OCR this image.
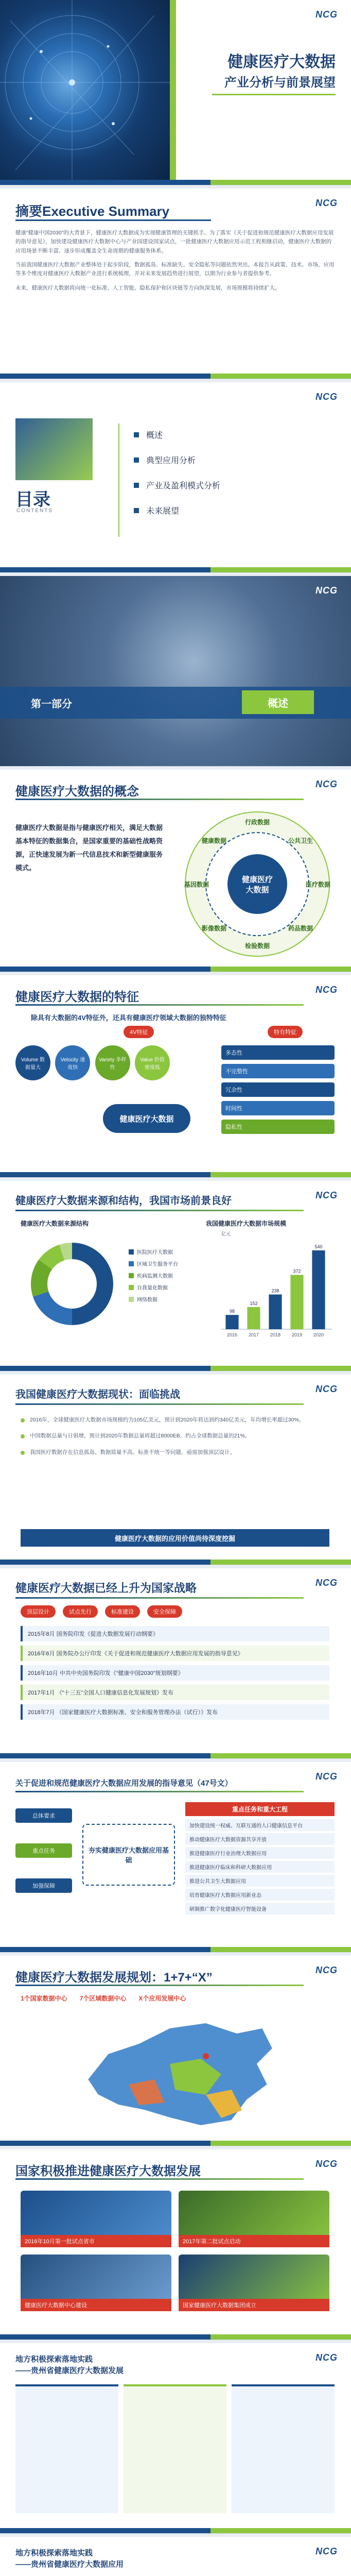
NCG
健康医疗大数据
产业分析与前景展望
NCG
摘要Executive Summary

健康“健康中国2030”的大背景下，健康医疗大数据成为实现健康管理的关键抓手。为了落实《关于促进和规范健康医疗大数据应用发展的指导意见》，加快建设健康医疗大数据中心与产业园建设国家试点，一批健康医疗大数据应用示范工程相继启动，健康医疗大数据的应用场景不断丰富，逐步形成覆盖全生命周期的健康服务体系。

当前我国健康医疗大数据产业整体处于起步阶段，数据孤岛、标准缺失、安全隐私等问题依然突出。本报告从政策、技术、市场、应用等多个维度对健康医疗大数据产业进行系统梳理，并对未来发展趋势进行展望，以期为行业参与者提供参考。

未来，健康医疗大数据将向统一化标准、人工智能、隐私保护和区块链等方向纵深发展，市场规模将持续扩大。

NCG
目录
CONTENTS
概述
典型应用分析
产业及盈利模式分析
未来展望
NCG
第一部分	概述
NCG
健康医疗大数据的概念

健康医疗大数据是指与健康医疗相关，满足大数据基本特征的数据集合，是国家重要的基础性战略资源，正快速发展为新一代信息技术和新型健康服务模式。

健康医疗
大数据
行政数据
公共卫生
医疗数据
药品数据
检验数据
影像数据
基因数据
健康数据
NCG
健康医疗大数据的特征
除具有大数据的4V特征外，还具有健康医疗领域大数据的独特特征
4V特征	特有特征
Volume 数据量大
Velocity 速度快
Variety 多样性
Value 价值密度低
健康医疗大数据
多态性
不完整性
冗余性
时间性
隐私性
NCG
健康医疗大数据来源和结构，我国市场前景良好
健康医疗大数据来源结构
医院医疗大数据
区域卫生服务平台
疾病监测大数据
自我量化数据
网络数据
我国健康医疗大数据市场规模
98
2016
152
2017
238
2018
372
2019
540
2020
亿元
NCG
我国健康医疗大数据现状：面临挑战
2016年，全球健康医疗大数据市场规模约为105亿美元，预计到2020年将达到约340亿美元，年均增长率超过30%。
中国数据总量与日俱增，预计到2020年数据总量将超过8000EB，约占全球数据总量的21%。
我国医疗数据存在信息孤岛、数据质量不高、标准不统一等问题，亟需加强顶层设计。
健康医疗大数据的应用价值尚待深度挖掘
NCG
健康医疗大数据已经上升为国家战略
顶层设计	试点先行	标准建设	安全保障
2015年8月 国务院印发《促进大数据发展行动纲要》
2016年6月 国务院办公厅印发《关于促进和规范健康医疗大数据应用发展的指导意见》
2016年10月 中共中央国务院印发《“健康中国2030”规划纲要》
2017年1月 《“十三五”全国人口健康信息化发展规划》发布
2018年7月 《国家健康医疗大数据标准、安全和服务管理办法（试行）》发布
NCG
关于促进和规范健康医疗大数据应用发展的指导意见（47号文）
总体要求
重点任务
加强保障
夯实健康医疗大数据应用基础
重点任务和重大工程
加快建设统一权威、互联互通的人口健康信息平台
推动健康医疗大数据资源共享开放
推进健康医疗行业治理大数据应用
推进健康医疗临床和科研大数据应用
推进公共卫生大数据应用
培育健康医疗大数据应用新业态
研制推广数字化健康医疗智能设备
NCG
健康医疗大数据发展规划：1+7+“X”
1个国家数据中心 7个区域数据中心 X个应用发展中心
NCG
国家积极推进健康医疗大数据发展
2016年10月第一批试点省市	2017年第二批试点启动
健康医疗大数据中心建设	国家健康医疗大数据集团成立
NCG
地方积极探索落地实践
——贵州省健康医疗大数据发展
NCG
地方积极探索落地实践
——贵州省健康医疗大数据应用
